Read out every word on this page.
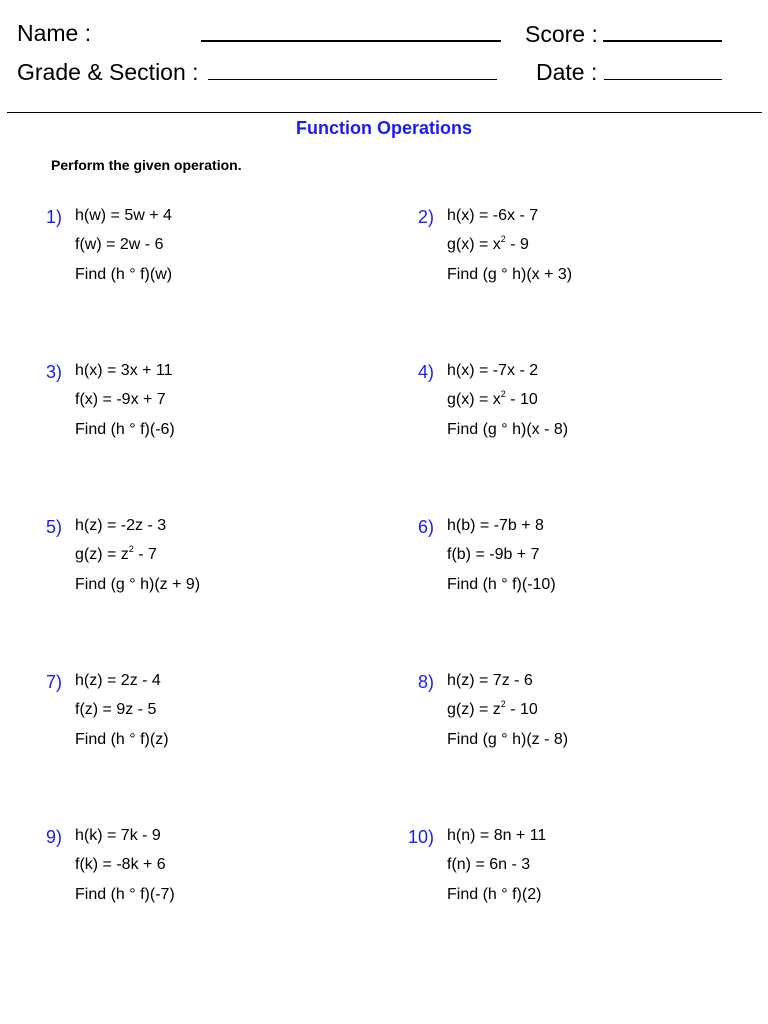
Name :	Score :
Grade & Section :	Date :
Function Operations
Perform the given operation.
1) h(w) = 5w + 4
f(w) = 2w - 6
Find (h ° f)(w)
2) h(x) = -6x - 7
$g(x) = x^2 - 9$
Find (g ° h)(x + 3)
3) h(x) = 3x + 11
f(x) = -9x + 7
Find (h ° f)(-6)
4) h(x) = -7x - 2
$g(x) = x^2 - 10$
Find (g ° h)(x - 8)
5) h(z) = -2z - 3
$g(z) = z^2 - 7$
Find (g ° h)(z + 9)
6) h(b) = -7b + 8
f(b) = -9b + 7
Find (h ° f)(-10)
7) h(z) = 2z - 4
f(z) = 9z - 5
Find (h ° f)(z)
8) h(z) = 7z - 6
$g(z) = z^2 - 10$
Find (g ° h)(z - 8)
9) h(k) = 7k - 9
f(k) = -8k + 6
Find (h ° f)(-7)
10) h(n) = 8n + 11
f(n) = 6n - 3
Find (h ° f)(2)
